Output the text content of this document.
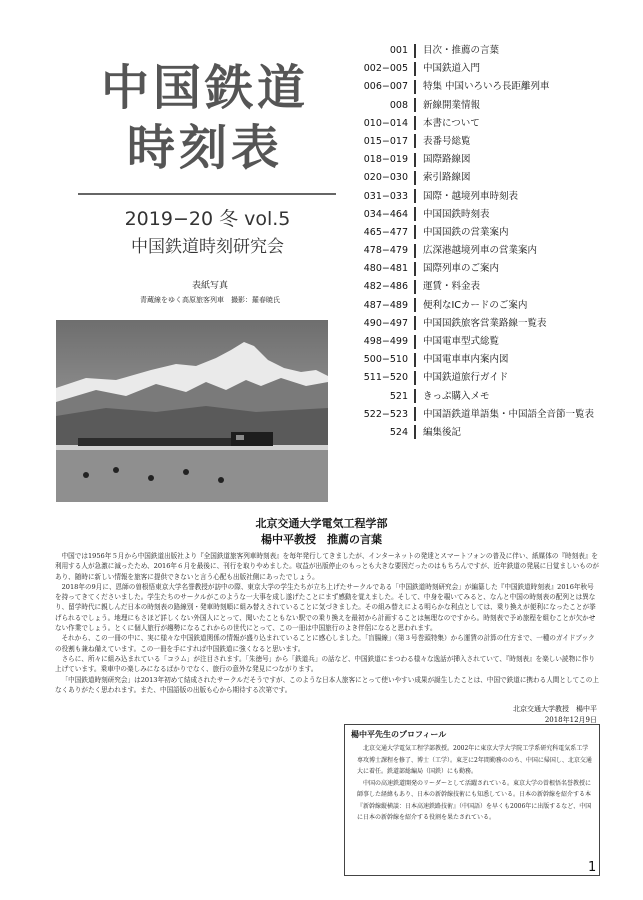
中国鉄道
時刻表
2019−20 冬 vol.5
中国鉄道時刻研究会
表紙写真
青蔵線をゆく高原旅客列車　撮影：羅春暁氏
001 目次・推薦の言葉
002−005 中国鉄道入門
006−007 特集 中国いろいろ長距離列車
008 新線開業情報
010−014 本書について
015−017 表番号総覧
018−019 国際路線図
020−030 索引路線図
031−033 国際・越境列車時刻表
034−464 中国国鉄時刻表
465−477 中国国鉄の営業案内
478−479 広深港越境列車の営業案内
480−481 国際列車のご案内
482−486 運賃・料金表
487−489 便利なICカードのご案内
490−497 中国国鉄旅客営業路線一覧表
498−499 中国電車型式総覧
500−510 中国電車車内案内図
511−520 中国鉄道旅行ガイド
521 きっぷ購入メモ
522−523 中国語鉄道単語集・中国語全音節一覧表
524 編集後記
北京交通大学電気工程学部
楊中平教授　推薦の言葉

中国では1956年５月から中国鉄道出版社より『全国鉄道旅客列車時刻表』を毎年発行してきましたが、インターネットの発達とスマートフォンの普及に伴い、紙媒体の『時刻表』を利用する人が急激に減ったため、2016年６月を最後に、刊行を取りやめました。収益が出版停止のもっとも大きな要因だったのはもちろんですが、近年鉄道の発展に日覚ましいものがあり、随時に新しい情報を旅客に提供できないと言う心配も出版社側にあったでしょう。

2018年の9月に、恩師の曽根悟東京大学名誉教授が訪中の際、東京大学の学生たちが立ち上げたサークルである「中国鉄道時刻研究会」が編纂した『中国鉄道時刻表』2016年秋号を持ってきてくださいました。学生たちのサークルがこのような一大事を成し遂げたことにまず感動を覚えました。そして、中身を覗いてみると、なんと中国の時刻表の配列とは異なり、留学時代に親しんだ日本の時刻表の路線別・発車時刻順に組み替えされていることに気づきました。その組み替えによる明らかな利点としては、乗り換えが便利になったことが挙げられるでしょう。地理にもさほど詳しくない外国人にとって、聞いたこともない駅での乗り換えを最初から計画することは無理なのですから。時刻表で予め旅程を組むことが欠かせない作業でしょう。とくに個人旅行が趨勢になるこれからの世代にとって、この一冊は中国旅行のよき伴侶になると思われます。

それから、この一冊の中に、実に様々な中国鉄道関係の情報が盛り込まれていることに感心しました。「盲腸線」（第３号巻頭特集）から運賃の計算の仕方まで、一種のガイドブックの役割も兼ね備えています。この一冊を手にすれば中国鉄道に強くなると思います。

さらに、所々に組み込まれている「コラム」が注目されます。「朱徳号」から「鉄道兵」の話など、中国鉄道にまつわる様々な逸話が挿入されていて、『時刻表』を楽しい読物に作り上げています。乗車中の楽しみになるばかりでなく、旅行の意外な発見につながります。

「中国鉄道時刻研究会」は2013年初めて結成されたサークルだそうですが、このような日本人旅客にとって使いやすい成果が誕生したことは、中国で鉄道に携わる人間としてこの上なくありがたく思われます。また、中国語版の出版も心から期待する次第です。

北京交通大学教授　楊中平
2018年12月9日
楊中平先生のプロフィール

北京交通大学電気工程学部教授。2002年に東京大学大学院工学系研究科電気系工学専攻博士課程を修了、博士（工学）。東芝に2年間勤務ののち、中国に帰国し、北京交通大に着任。鉄道部総編局（国鉄）にも勤務。

中国の高速鉄道開発のリーダーとして活躍されている。東京大学の曽根悟名誉教授に師事した経緯もあり、日本の新幹線技術にも知悉している。日本の新幹線を紹介する本『新幹線縦横談：日本高速鉄路技術』（中国語）を早くも2006年に出版するなど、中国に日本の新幹線を紹介する役割を果たされている。

1
